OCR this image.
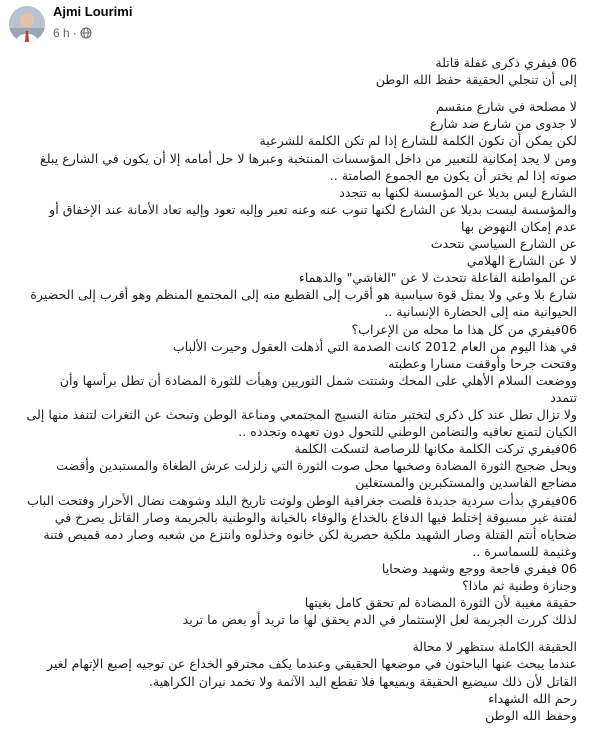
Ajmi Lourimi
6 h ·
06 فيفري ذكرى غفلة قاتلة
إلى أن تنجلي الحقيقة حفظ الله الوطن
لا مصلحة في شارع منقسم
لا جدوى من شارع ضد شارع
لكن يمكن أن تكون الكلمة للشارع إذا لم تكن الكلمة للشرعية
ومن لا يجد إمكانية للتعبير من داخل المؤسسات المنتخبة وعبرها لا حل أمامه إلا أن يكون في الشارع يبلغ
صوته إذا لم يختر أن يكون مع الجموع الصامتة ..
الشارع ليس بديلا عن المؤسسة لكنها به تتجدد
والمؤسسة ليست بديلا عن الشارع لكنها تنوب عنه وعنه تعبر وإليه تعود وإليه تعاد الأمانة عند الإخفاق أو
عدم إمكان النهوض بها
عن الشارع السياسي نتحدث
لا عن الشارع الهلامي
عن المواطنة الفاعلة نتحدث لا عن "الغاشي" والدهماء
شارع بلا وعي ولا يمثل قوة سياسية هو أقرب إلى القطيع منه إلى المجتمع المنظم وهو أقرب إلى الحضيرة
الحيوانية منه إلى الحضارة الإنسانية ..
06فيفري من كل هذا ما محله من الإعراب؟
في هذا اليوم من العام 2012 كانت الصدمة التي أذهلت العقول وحيرت الألباب
وفتحت جرحا وأوقفت مسارا وعطبته
ووضعت السلام الأهلي على المحك وشتتت شمل الثوريين وهيأت للثورة المضادة أن تطل برأسها وأن
تتمدد
ولا تزال تطل عند كل ذكرى لتختبر متانة النسيج المجتمعي ومناعة الوطن وتبحث عن الثغرات لتنفذ منها إلى
الكيان لتمنع تعافيه والتضامن الوطني للتحول دون تعهده وتجدده ..
06فيفري تركت الكلمة مكانها للرصاصة لتسكت الكلمة
ويحل ضجيج الثورة المضادة وصخبها محل صوت الثورة التي زلزلت عرش الطغاة والمستبدين وأقضت
مضاجع الفاسدين والمستكبرين والمستغلين
06فيفري بدأت سردية جديدة قلصت جغرافية الوطن ولوثت تاريخ البلد وشوهت نضال الأحرار وفتحت الباب
لفتنة غير مسبوقة إختلط فيها الدفاع بالخداع والوفاء بالخيانة والوطنية بالجريمة وصار القاتل يصرخ في
ضحاياه أنتم القتلة وصار الشهيد ملكية حصرية لكن خانوه وخذلوه وانتزع من شعبه وصار دمه قميص فتنة
وغنيمة للسماسرة ..
06 فيفري فاجعة ووجع وشهيد وضحايا
وجنازة وطنية ثم ماذا؟
حقيقة مغيبة لأن الثورة المضادة لم تحقق كامل بغيتها
لذلك كررت الجريمة لعل الإستثمار في الدم يحقق لها ما تريد أو بعض ما تريد
الحقيقة الكاملة ستظهر لا محالة
عندما يبحث عنها الباحثون في موضعها الحقيقي وعندما يكف محترفو الخداع عن توجيه إصبع الإتهام لغير
القاتل لأن ذلك سيضيع الحقيقة ويميعها فلا تقطع اليد الآثمة ولا تخمد نيران الكراهية.
رحم الله الشهداء
وحفظ الله الوطن
